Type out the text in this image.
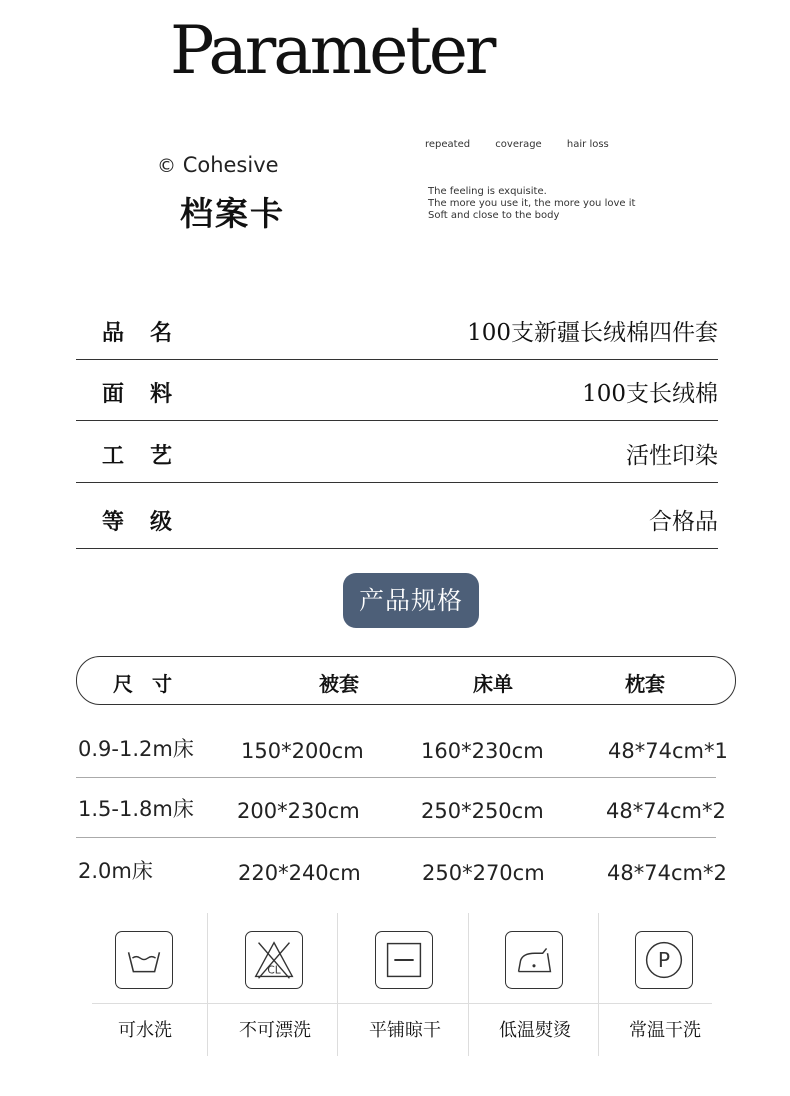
Parameter
© Cohesive
档案卡
repeated	coverage	hair loss
The feeling is exquisite.
The more you use it, the more you love it
Soft and close to the body
品名	100支新疆长绒棉四件套
面料	100支长绒棉
工艺	活性印染
等级	合格品
产品规格
尺 寸	被套	床单	枕套
0.9-1.2m床 150*200cm	160*230cm	48*74cm*1
1.5-1.8m床 200*230cm	250*250cm	48*74cm*2
2.0m床	220*240cm	250*270cm	48*74cm*2
可水洗
CL
不可漂洗	平铺晾干	低温熨烫
P
常温干洗
